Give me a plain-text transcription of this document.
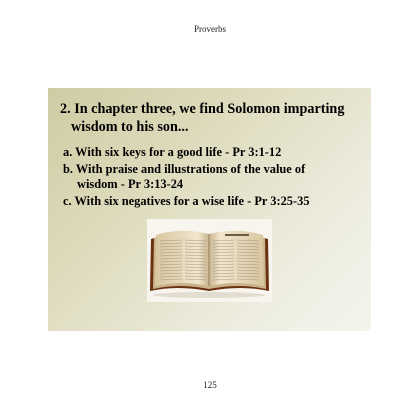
Proverbs
2. In chapter three, we find Solomon imparting
wisdom to his son...
a. With six keys for a good life - Pr 3:1-12
b. With praise and illustrations of the value of
wisdom - Pr 3:13-24
c. With six negatives for a wise life - Pr 3:25-35
125
